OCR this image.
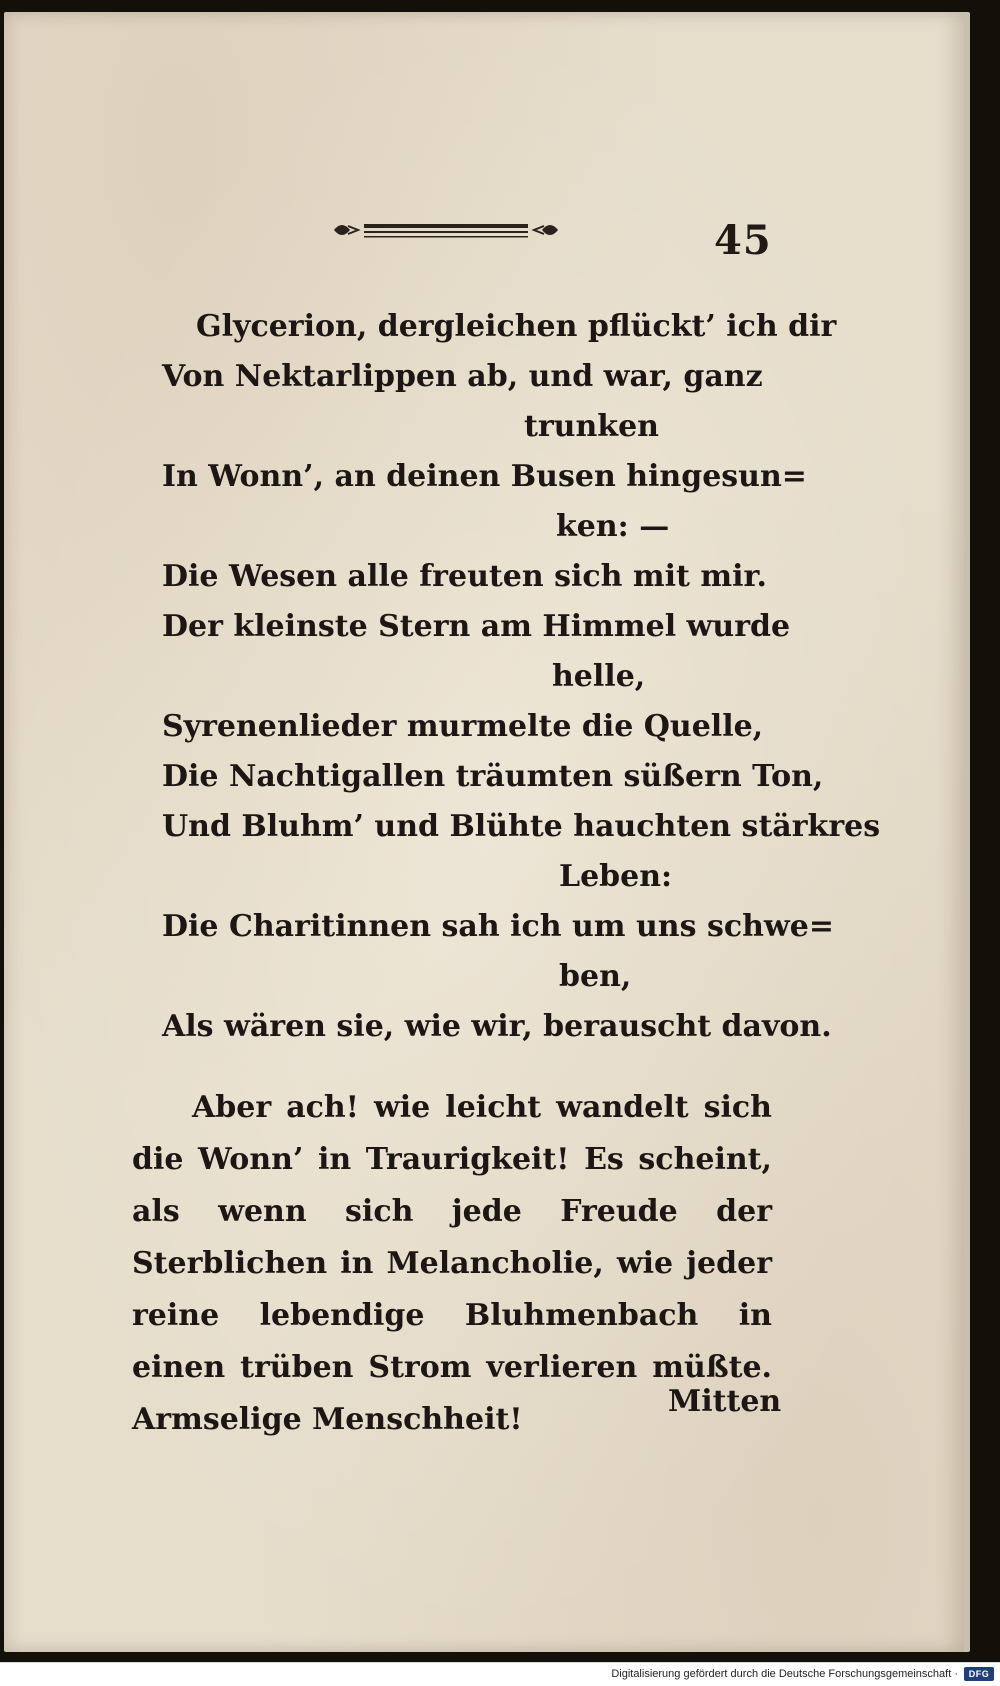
45
Glycerion, dergleichen pflückt’ ich dir
Von Nektarlippen ab, und war, ganz
trunken
In Wonn’, an deinen Busen hingesun=
ken: —
Die Wesen alle freuten sich mit mir.
Der kleinste Stern am Himmel wurde
helle,
Syrenenlieder murmelte die Quelle,
Die Nachtigallen träumten süßern Ton,
Und Bluhm’ und Blühte hauchten stärkres
Leben:
Die Charitinnen sah ich um uns schwe=
ben,
Als wären sie, wie wir, berauscht davon.

Aber ach! wie leicht wandelt sich die Wonn’ in Traurigkeit! Es scheint, als wenn sich jede Freude der Sterblichen in Melancholie, wie jeder reine lebendige Bluhmenbach in einen trüben Strom verlieren müßte. Armselige Menschheit!

Mitten
Digitalisierung gefördert durch die Deutsche Forschungsgemeinschaft ·	DFG
